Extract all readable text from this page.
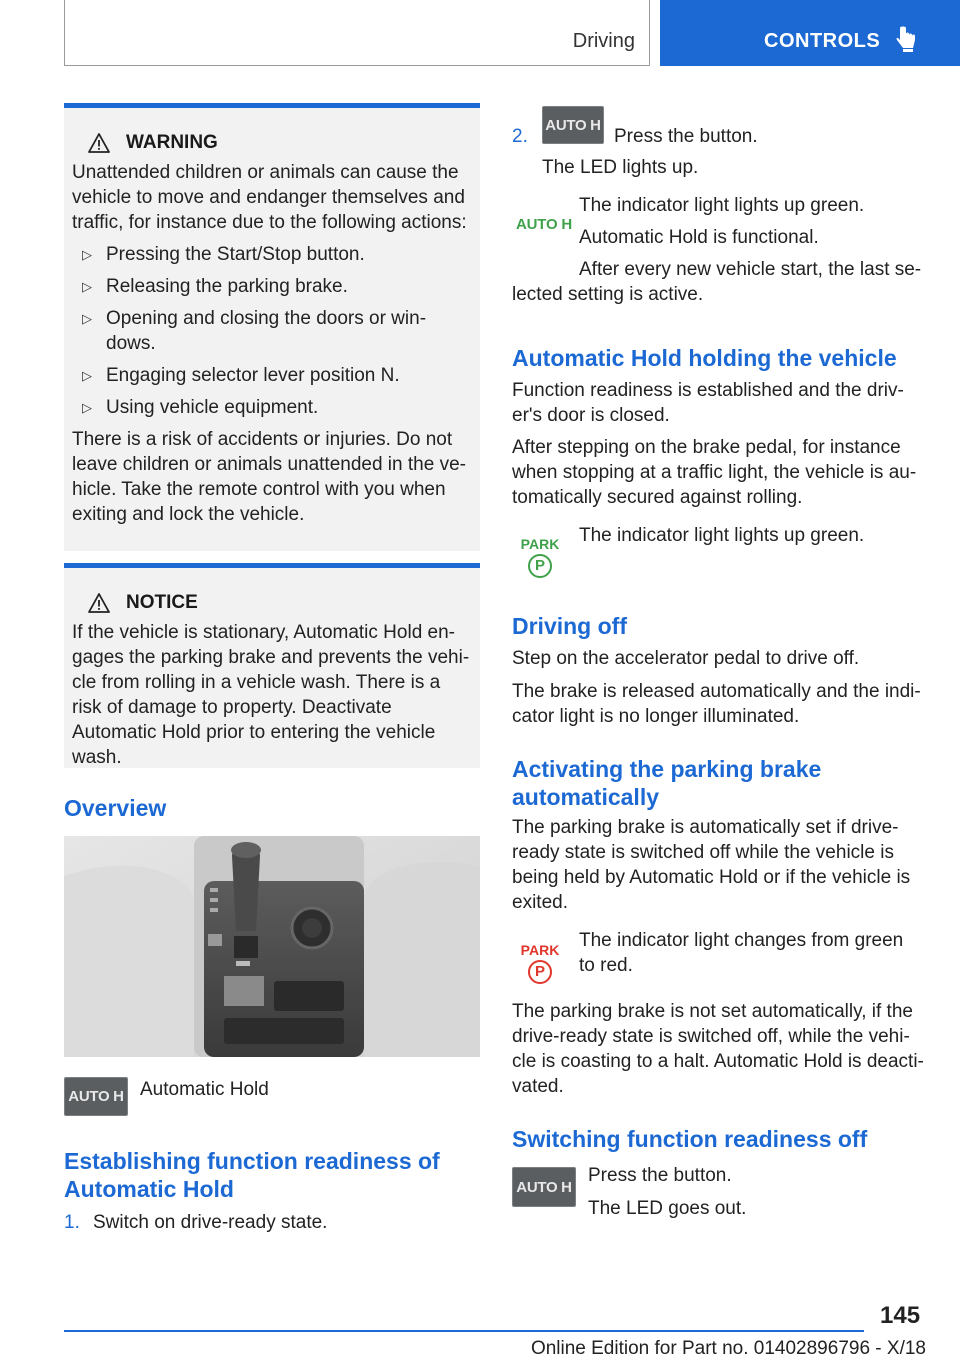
Driving	CONTROLS
WARNING

Unattended children or animals can cause the vehicle to move and endanger themselves and traffic, for instance due to the following actions:

▷ Pressing the Start/Stop button.
▷ Releasing the parking brake.
▷ Opening and closing the doors or win-dows.
▷ Engaging selector lever position N.
▷ Using vehicle equipment.

There is a risk of accidents or injuries. Do not leave children or animals unattended in the ve-hicle. Take the remote control with you when exiting and lock the vehicle.

NOTICE

If the vehicle is stationary, Automatic Hold en-gages the parking brake and prevents the vehi-cle from rolling in a vehicle wash. There is a risk of damage to property. Deactivate Automatic Hold prior to entering the vehicle wash.

Overview
AUTO H Automatic Hold
Establishing function readiness of Automatic Hold
1. Switch on drive-ready state.
2.
AUTO H
Press the button.
The LED lights up.
AUTO H

The indicator light lights up green.

Automatic Hold is functional.

After every new vehicle start, the last se-lected setting is active.

Automatic Hold holding the vehicle

Function readiness is established and the driv-er's door is closed.

After stepping on the brake pedal, for instance when stopping at a traffic light, the vehicle is au-tomatically secured against rolling.

PARK
P

The indicator light lights up green.

Driving off

Step on the accelerator pedal to drive off.

The brake is released automatically and the indi-cator light is no longer illuminated.

Activating the parking brake automatically

The parking brake is automatically set if drive-ready state is switched off while the vehicle is being held by Automatic Hold or if the vehicle is exited.

PARK
P

The indicator light changes from green to red.

The parking brake is not set automatically, if the drive-ready state is switched off, while the vehi-cle is coasting to a halt. Automatic Hold is deacti-vated.

Switching function readiness off
AUTO H

Press the button.

The LED goes out.

145
Online Edition for Part no. 01402896796 - X/18
